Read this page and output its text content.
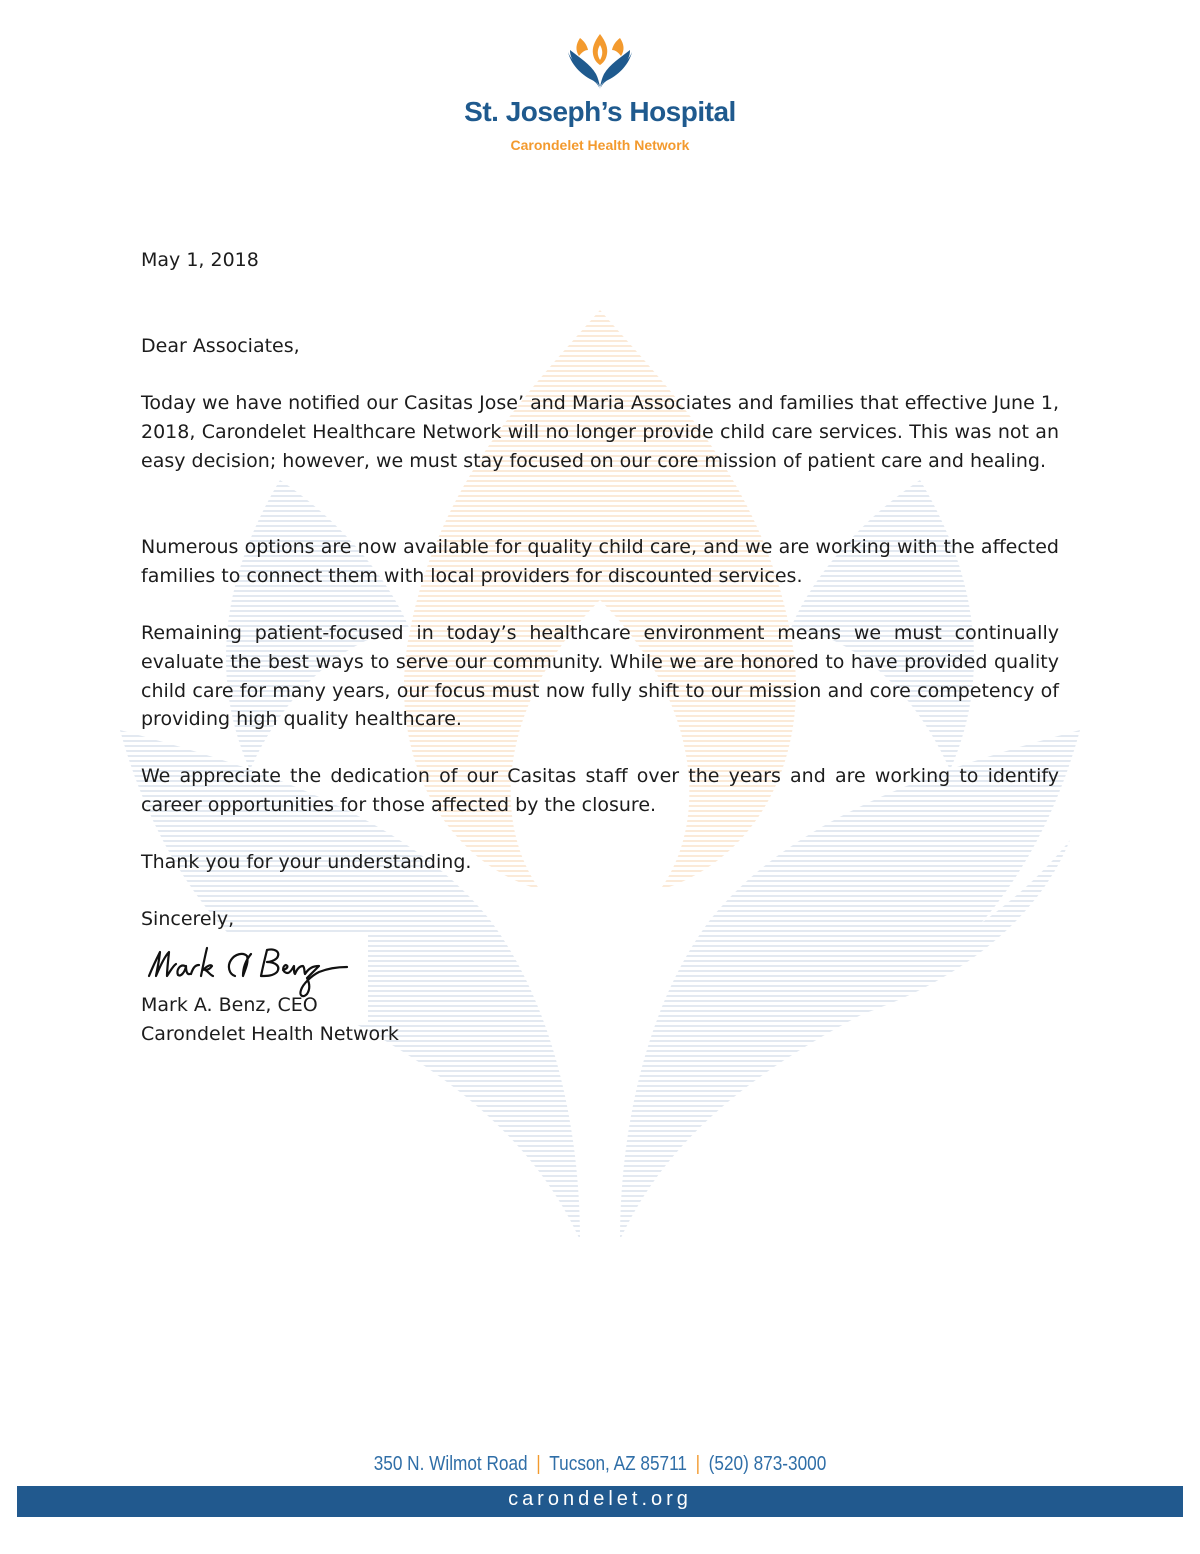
St. Joseph’s Hospital
Carondelet Health Network
May 1, 2018
Dear Associates,
Today we have notified our Casitas Jose’ and Maria Associates and families that effective June 1, 2018, Carondelet Healthcare Network will no longer provide child care services. This was not an easy decision; however, we must stay focused on our core mission of patient care and healing.
Numerous options are now available for quality child care, and we are working with the affected families to connect them with local providers for discounted services.
Remaining patient-focused in today’s healthcare environment means we must continually evaluate the best ways to serve our community. While we are honored to have provided quality child care for many years, our focus must now fully shift to our mission and core competency of providing high quality healthcare.
We appreciate the dedication of our Casitas staff over the years and are working to identify career opportunities for those affected by the closure.
Thank you for your understanding.
Sincerely,
Mark A. Benz, CEO
Carondelet Health Network
350 N. Wilmot Road | Tucson, AZ 85711 | (520) 873-3000
carondelet.org
